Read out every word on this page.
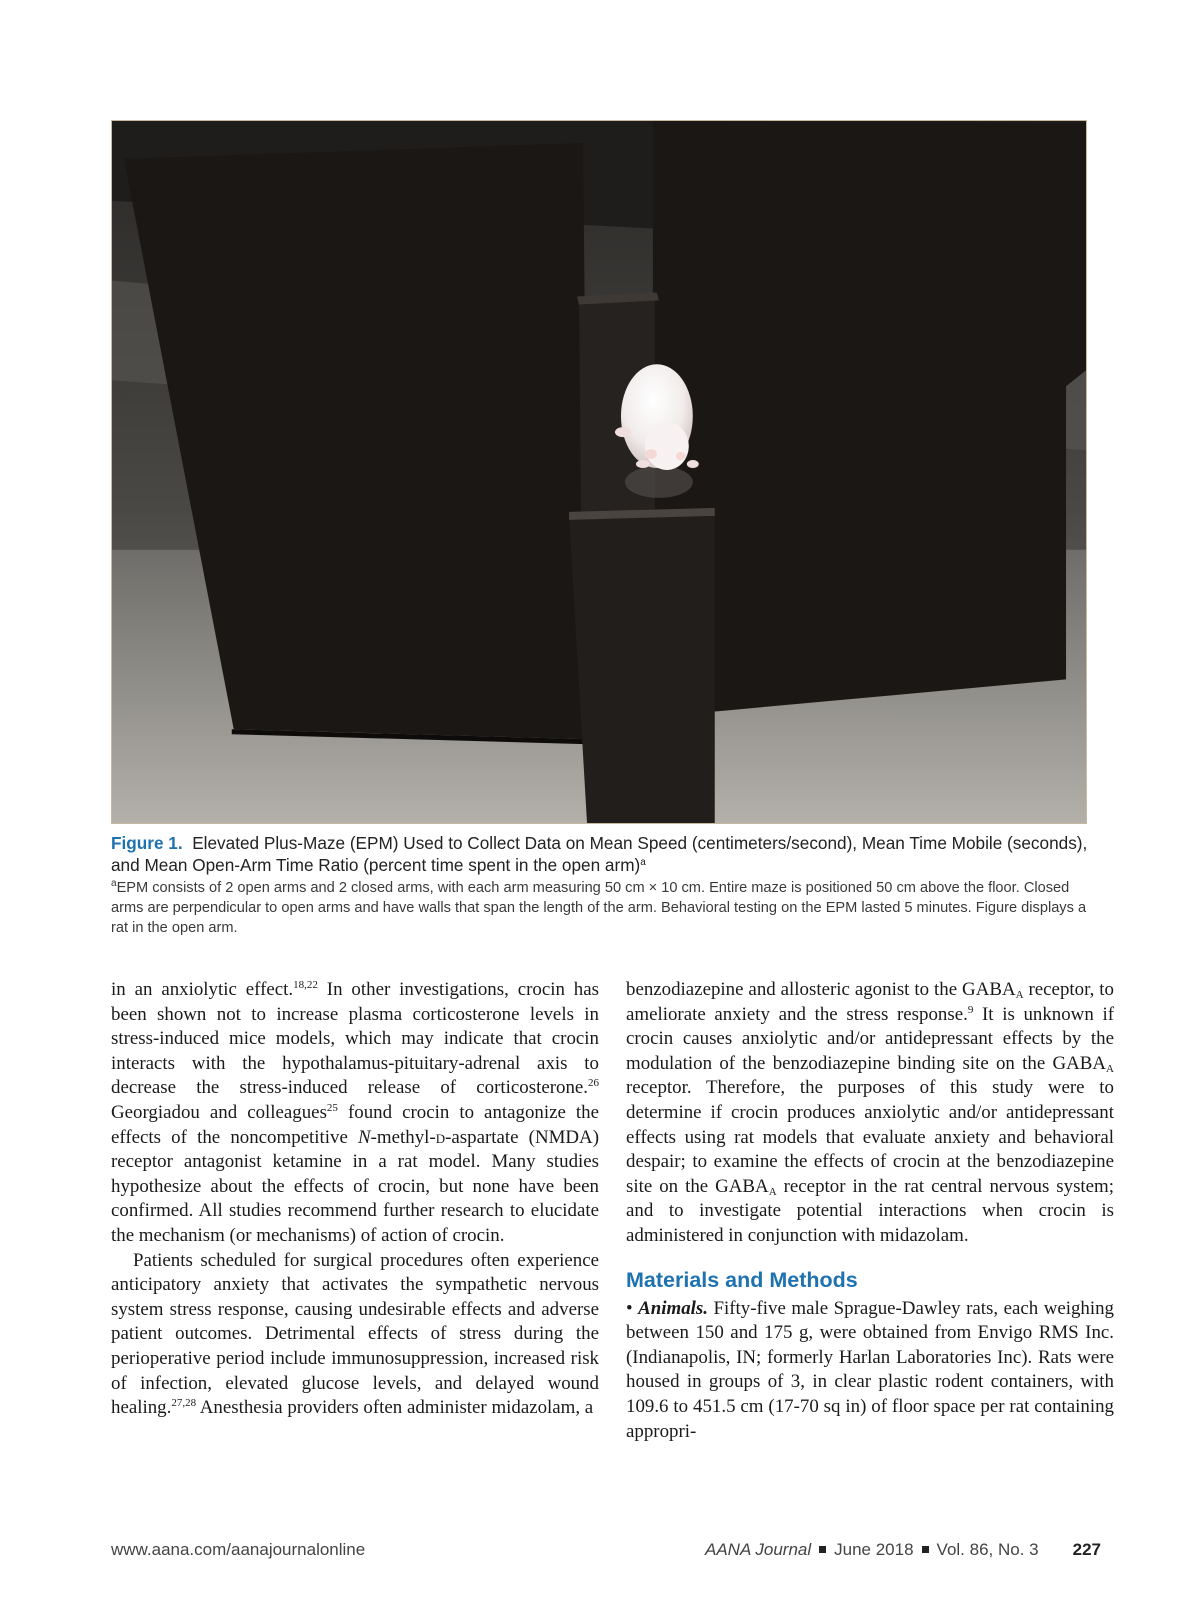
Figure 1. Elevated Plus-Maze (EPM) Used to Collect Data on Mean Speed (centimeters/second), Mean Time Mobile (seconds), and Mean Open-Arm Time Ratio (percent time spent in the open arm)$^a$
$^a$EPM consists of 2 open arms and 2 closed arms, with each arm measuring 50 cm × 10 cm. Entire maze is positioned 50 cm above the floor. Closed arms are perpendicular to open arms and have walls that span the length of the arm. Behavioral testing on the EPM lasted 5 minutes. Figure displays a rat in the open arm.

in an anxiolytic effect.$^{18,22}$ In other investigations, crocin has been shown not to increase plasma corticosterone levels in stress-induced mice models, which may indicate that crocin interacts with the hypothalamus-pituitary-adrenal axis to decrease the stress-induced release of corticosterone.$^{26}$ Georgiadou and colleagues$^{25}$ found crocin to antagonize the effects of the noncompetitive N-methyl-d-aspartate (NMDA) receptor antagonist ketamine in a rat model. Many studies hypothesize about the effects of crocin, but none have been confirmed. All studies recommend further research to elucidate the mechanism (or mechanisms) of action of crocin.

Patients scheduled for surgical procedures often experience anticipatory anxiety that activates the sympathetic nervous system stress response, causing undesirable effects and adverse patient outcomes. Detrimental effects of stress during the perioperative period include immunosuppression, increased risk of infection, elevated glucose levels, and delayed wound healing.$^{27,28}$ Anesthesia providers often administer midazolam, a

benzodiazepine and allosteric agonist to the $GABA_A$ receptor, to ameliorate anxiety and the stress response.$^9$ It is unknown if crocin causes anxiolytic and/or antidepressant effects by the modulation of the benzodiazepine binding site on the $GABA_A$ receptor. Therefore, the purposes of this study were to determine if crocin produces anxiolytic and/or antidepressant effects using rat models that evaluate anxiety and behavioral despair; to examine the effects of crocin at the benzodiazepine site on the $GABA_A$ receptor in the rat central nervous system; and to investigate potential interactions when crocin is administered in conjunction with midazolam.

Materials and Methods

• Animals. Fifty-five male Sprague-Dawley rats, each weighing between 150 and 175 g, were obtained from Envigo RMS Inc. (Indianapolis, IN; formerly Harlan Laboratories Inc). Rats were housed in groups of 3, in clear plastic rodent containers, with 109.6 to 451.5 cm (17-70 sq in) of floor space per rat containing appropri-

www.aana.com/aanajournalonline	AANA Journal June 2018 Vol. 86, No. 3 227
